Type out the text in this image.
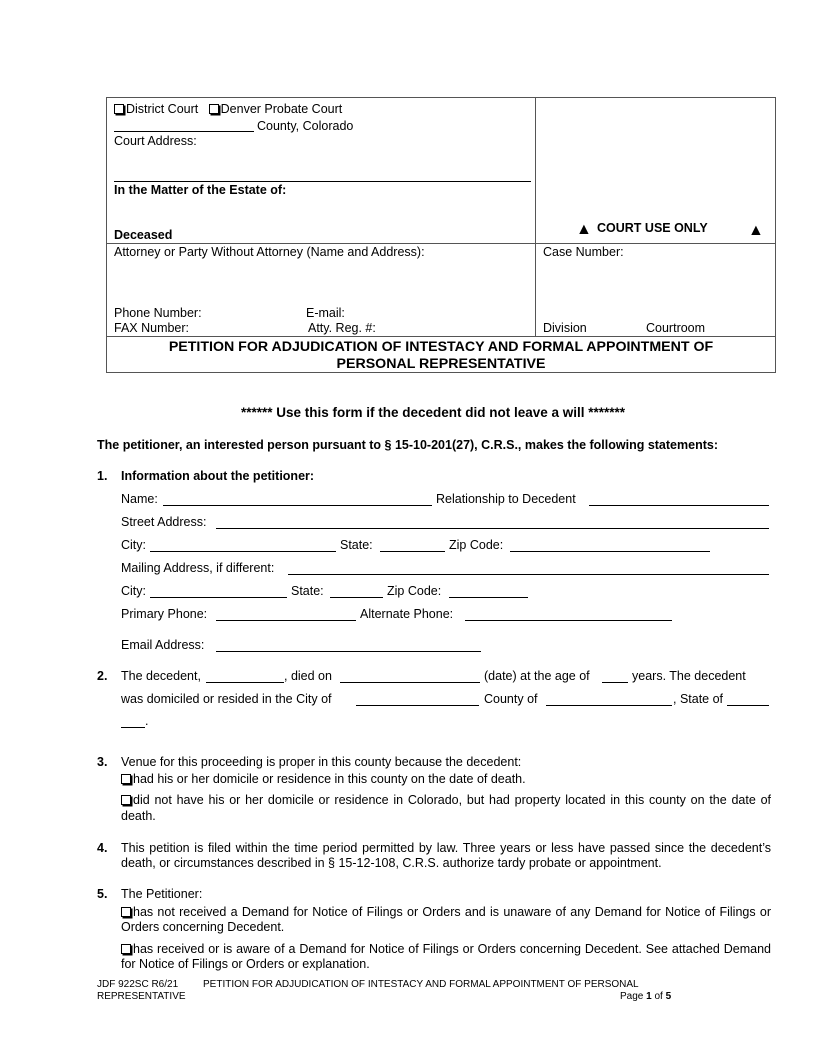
District Court Denver Probate Court
County, Colorado
Court Address:
In the Matter of the Estate of:
Deceased	▲ COURT USE ONLY	▲
Attorney or Party Without Attorney (Name and Address):
Phone Number:	E-mail:
FAX Number:	Atty. Reg. #:
Case Number:
Division	Courtroom
PETITION FOR ADJUDICATION OF INTESTACY AND FORMAL APPOINTMENT OF
PERSONAL REPRESENTATIVE
****** Use this form if the decedent did not leave a will *******
The petitioner, an interested person pursuant to § 15-10-201(27), C.R.S., makes the following statements:
1. Information about the petitioner:
Name:	Relationship to Decedent
Street Address:
City:	State:	Zip Code:
Mailing Address, if different:
City:	State:	Zip Code:
Primary Phone:	Alternate Phone:
Email Address:
2. The decedent,	, died on	(date) at the age of	years. The decedent
was domiciled or resided in the City of	County of	, State of
.
3. Venue for this proceeding is proper in this county because the decedent:
had his or her domicile or residence in this county on the date of death.
did not have his or her domicile or residence in Colorado, but had property located in this county on the date of death.
4. This petition is filed within the time period permitted by law. Three years or less have passed since the decedent’s death, or circumstances described in § 15-12-108, C.R.S. authorize tardy probate or appointment.
5. The Petitioner:
has not received a Demand for Notice of Filings or Orders and is unaware of any Demand for Notice of Filings or Orders concerning Decedent.
has received or is aware of a Demand for Notice of Filings or Orders concerning Decedent. See attached Demand for Notice of Filings or Orders or explanation.
JDF 922SC R6/21 PETITION FOR ADJUDICATION OF INTESTACY AND FORMAL APPOINTMENT OF PERSONAL
REPRESENTATIVE	Page 1 of 5
